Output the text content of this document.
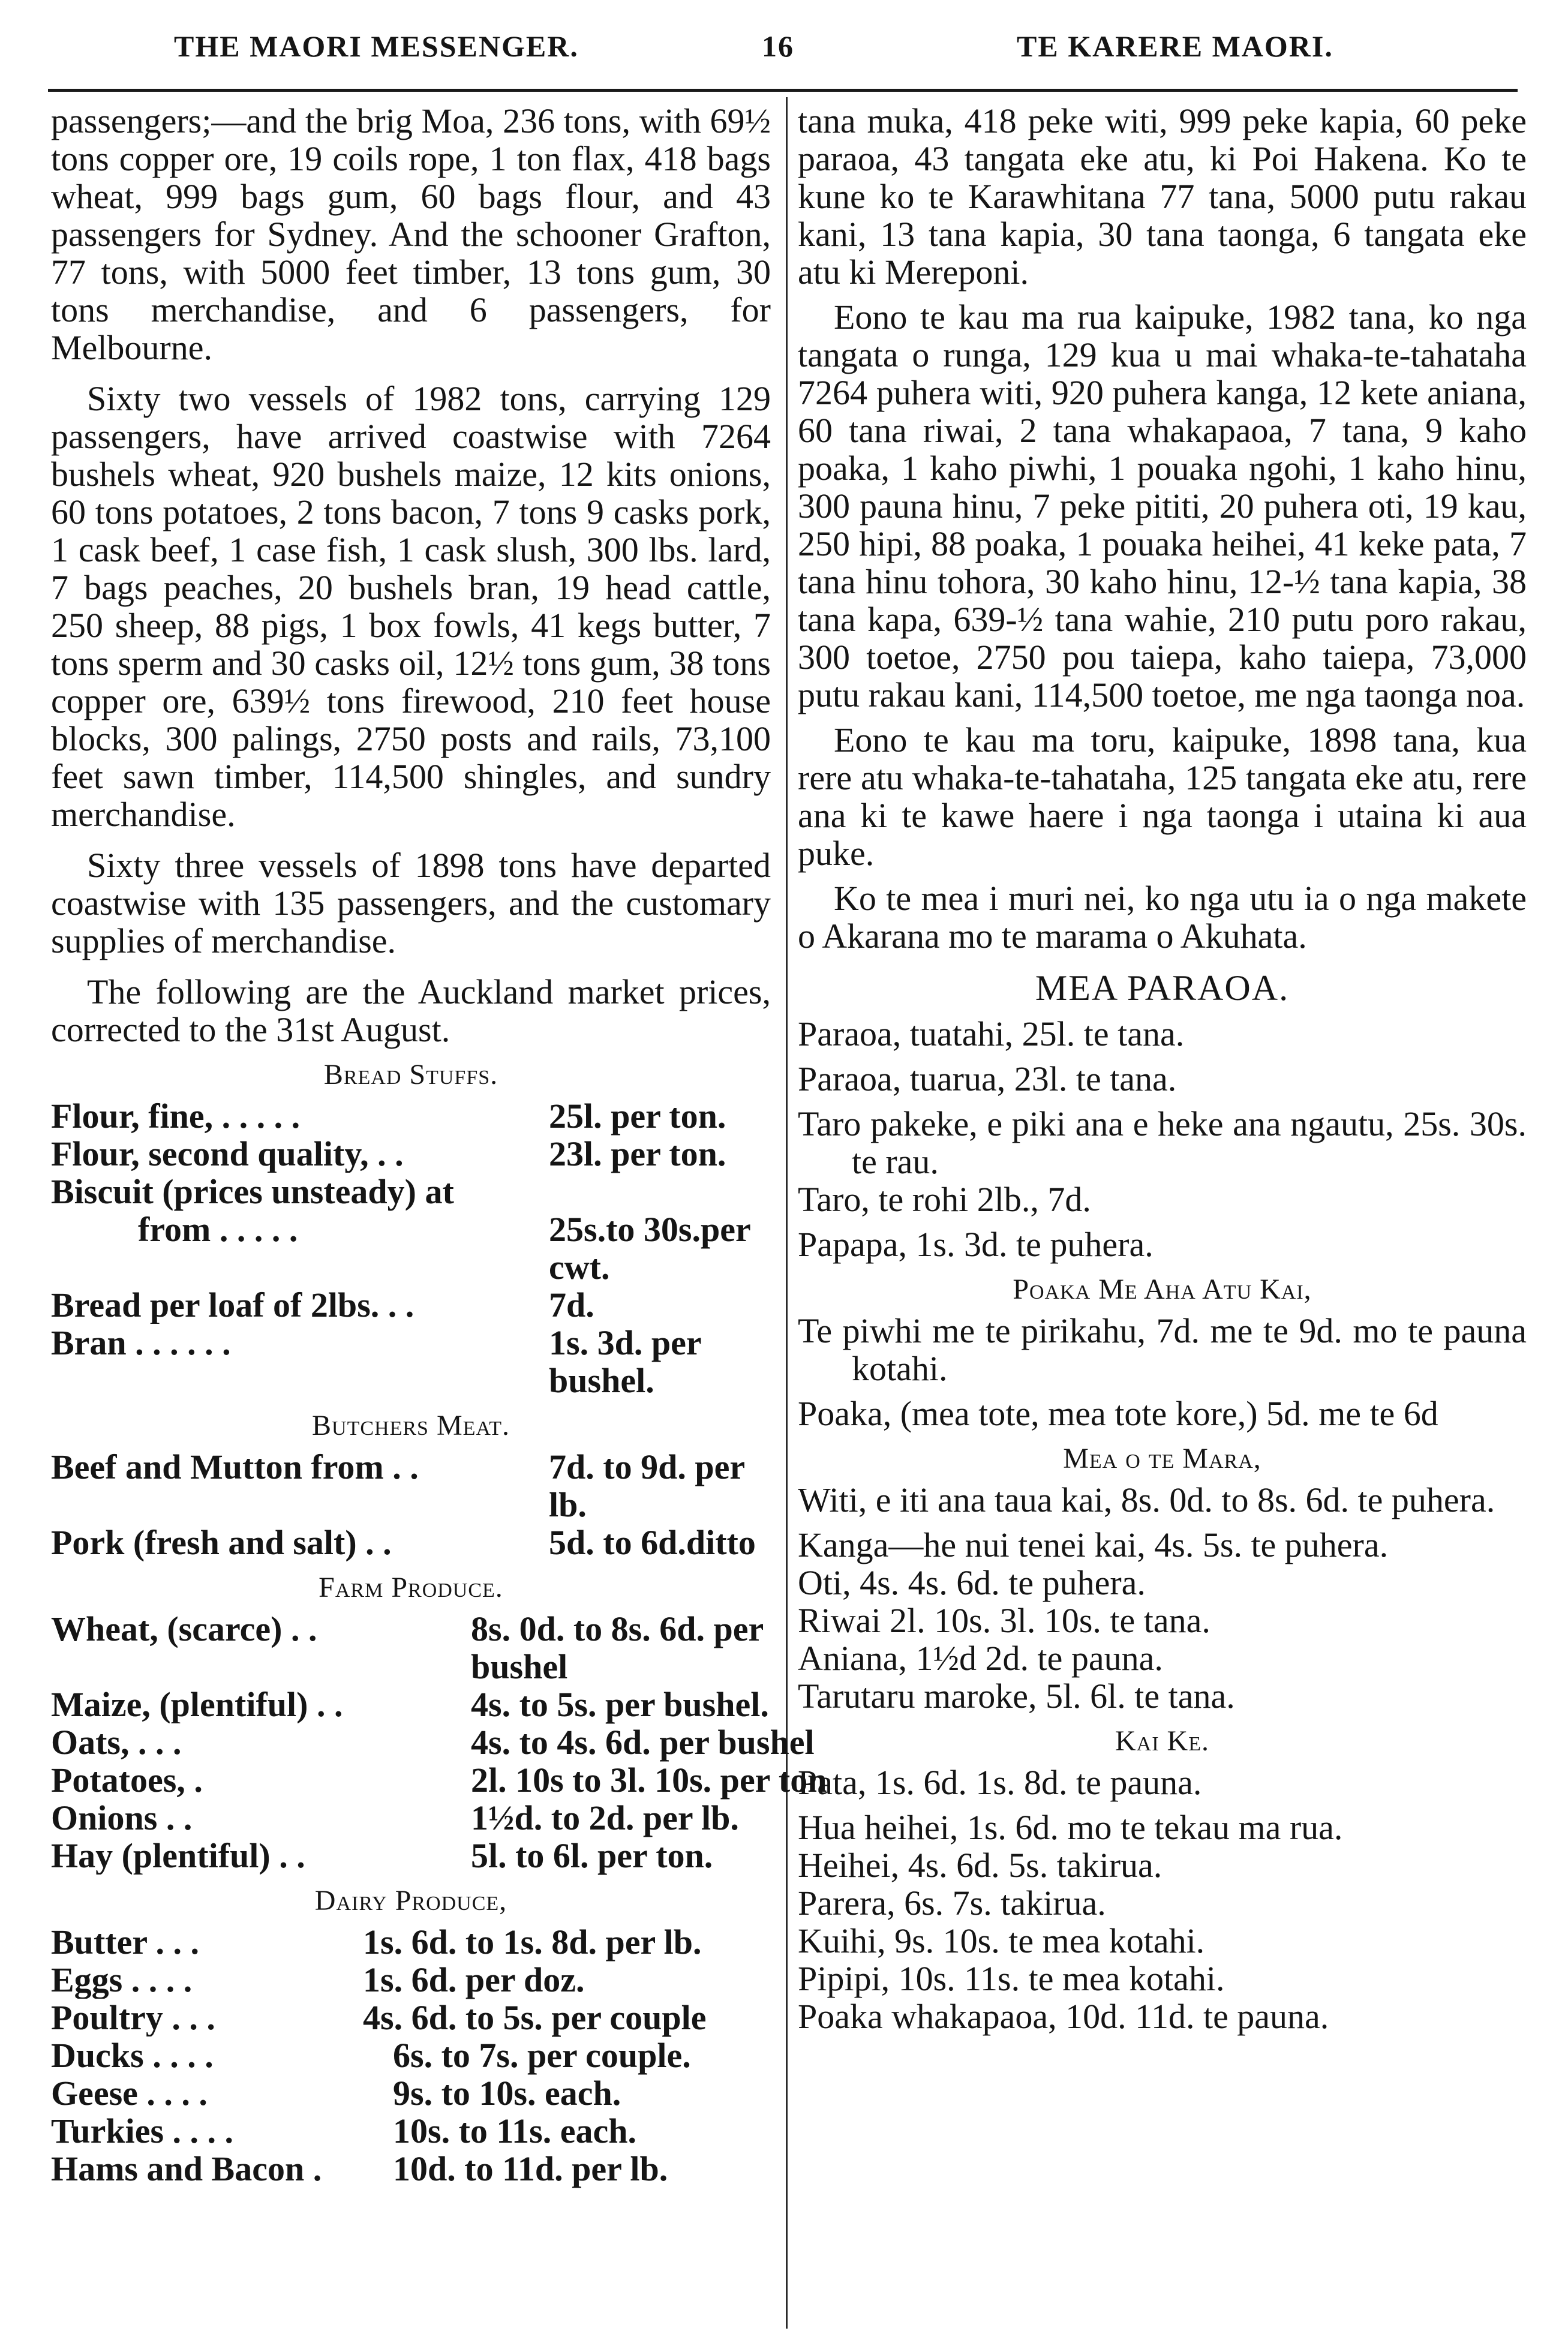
THE MAORI MESSENGER.	16	TE KARERE MAORI.

passengers;—and the brig Moa, 236 tons, with 69½ tons copper ore, 19 coils rope, 1 ton flax, 418 bags wheat, 999 bags gum, 60 bags flour, and 43 passengers for Sydney. And the schooner Grafton, 77 tons, with 5000 feet timber, 13 tons gum, 30 tons merchandise, and 6 passengers, for Melbourne.

Sixty two vessels of 1982 tons, carrying 129 passengers, have arrived coastwise with 7264 bushels wheat, 920 bushels maize, 12 kits onions, 60 tons potatoes, 2 tons bacon, 7 tons 9 casks pork, 1 cask beef, 1 case fish, 1 cask slush, 300 lbs. lard, 7 bags peaches, 20 bushels bran, 19 head cattle, 250 sheep, 88 pigs, 1 box fowls, 41 kegs butter, 7 tons sperm and 30 casks oil, 12½ tons gum, 38 tons copper ore, 639½ tons firewood, 210 feet house blocks, 300 palings, 2750 posts and rails, 73,100 feet sawn timber, 114,500 shingles, and sundry merchandise.

Sixty three vessels of 1898 tons have departed coastwise with 135 passengers, and the customary supplies of merchandise.

The following are the Auckland market prices, corrected to the 31st August.

Bread Stuffs.
Flour, fine, . . . . .	25l. per ton.
Flour, second quality, . .	23l. per ton.
Biscuit (prices unsteady) at
from . . . . .	25s.to 30s.per cwt.
Bread per loaf of 2lbs. . .	7d.
Bran . . . . . .	1s. 3d. per bushel.
Butchers Meat.
Beef and Mutton from . .	7d. to 9d. per lb.
Pork (fresh and salt) . .	5d. to 6d.ditto
Farm Produce.
Wheat, (scarce) . .	8s. 0d. to 8s. 6d. per bushel
Maize, (plentiful) . .	4s. to 5s. per bushel.
Oats, . . .	4s. to 4s. 6d. per bushel
Potatoes, .	2l. 10s to 3l. 10s. per ton
Onions . .	1½d. to 2d. per lb.
Hay (plentiful) . .	5l. to 6l. per ton.
Dairy Produce,
Butter . . .	1s. 6d. to 1s. 8d. per lb.
Eggs . . . .	1s. 6d. per doz.
Poultry . . .	4s. 6d. to 5s. per couple
Ducks . . . .	6s. to 7s. per couple.
Geese . . . .	9s. to 10s. each.
Turkies . . . .	10s. to 11s. each.
Hams and Bacon .	10d. to 11d. per lb.

tana muka, 418 peke witi, 999 peke kapia, 60 peke paraoa, 43 tangata eke atu, ki Poi Hakena. Ko te kune ko te Karawhitana 77 tana, 5000 putu rakau kani, 13 tana kapia, 30 tana taonga, 6 tangata eke atu ki Mereponi.

Eono te kau ma rua kaipuke, 1982 tana, ko nga tangata o runga, 129 kua u mai whaka-te-tahataha 7264 puhera witi, 920 puhera kanga, 12 kete aniana, 60 tana riwai, 2 tana whakapaoa, 7 tana, 9 kaho poaka, 1 kaho piwhi, 1 pouaka ngohi, 1 kaho hinu, 300 pauna hinu, 7 peke pititi, 20 puhera oti, 19 kau, 250 hipi, 88 poaka, 1 pouaka heihei, 41 keke pata, 7 tana hinu tohora, 30 kaho hinu, 12-½ tana kapia, 38 tana kapa, 639-½ tana wahie, 210 putu poro rakau, 300 toetoe, 2750 pou taiepa, kaho taiepa, 73,000 putu rakau kani, 114,500 toetoe, me nga taonga noa.

Eono te kau ma toru, kaipuke, 1898 tana, kua rere atu whaka-te-tahataha, 125 tangata eke atu, rere ana ki te kawe haere i nga taonga i utaina ki aua puke.

Ko te mea i muri nei, ko nga utu ia o nga makete o Akarana mo te marama o Akuhata.

MEA PARAOA.

Paraoa, tuatahi, 25l. te tana.

Paraoa, tuarua, 23l. te tana.

Taro pakeke, e piki ana e heke ana ngautu, 25s. 30s. te rau.

Taro, te rohi 2lb., 7d.

Papapa, 1s. 3d. te puhera.

Poaka Me Aha Atu Kai,

Te piwhi me te pirikahu, 7d. me te 9d. mo te pauna kotahi.

Poaka, (mea tote, mea tote kore,) 5d. me te 6d

Mea o te Mara,

Witi, e iti ana taua kai, 8s. 0d. to 8s. 6d. te puhera.

Kanga—he nui tenei kai, 4s. 5s. te puhera.

Oti, 4s. 4s. 6d. te puhera.

Riwai 2l. 10s. 3l. 10s. te tana.

Aniana, 1½d 2d. te pauna.

Tarutaru maroke, 5l. 6l. te tana.

Kai Ke.

Pata, 1s. 6d. 1s. 8d. te pauna.

Hua heihei, 1s. 6d. mo te tekau ma rua.

Heihei, 4s. 6d. 5s. takirua.

Parera, 6s. 7s. takirua.

Kuihi, 9s. 10s. te mea kotahi.

Pipipi, 10s. 11s. te mea kotahi.

Poaka whakapaoa, 10d. 11d. te pauna.
